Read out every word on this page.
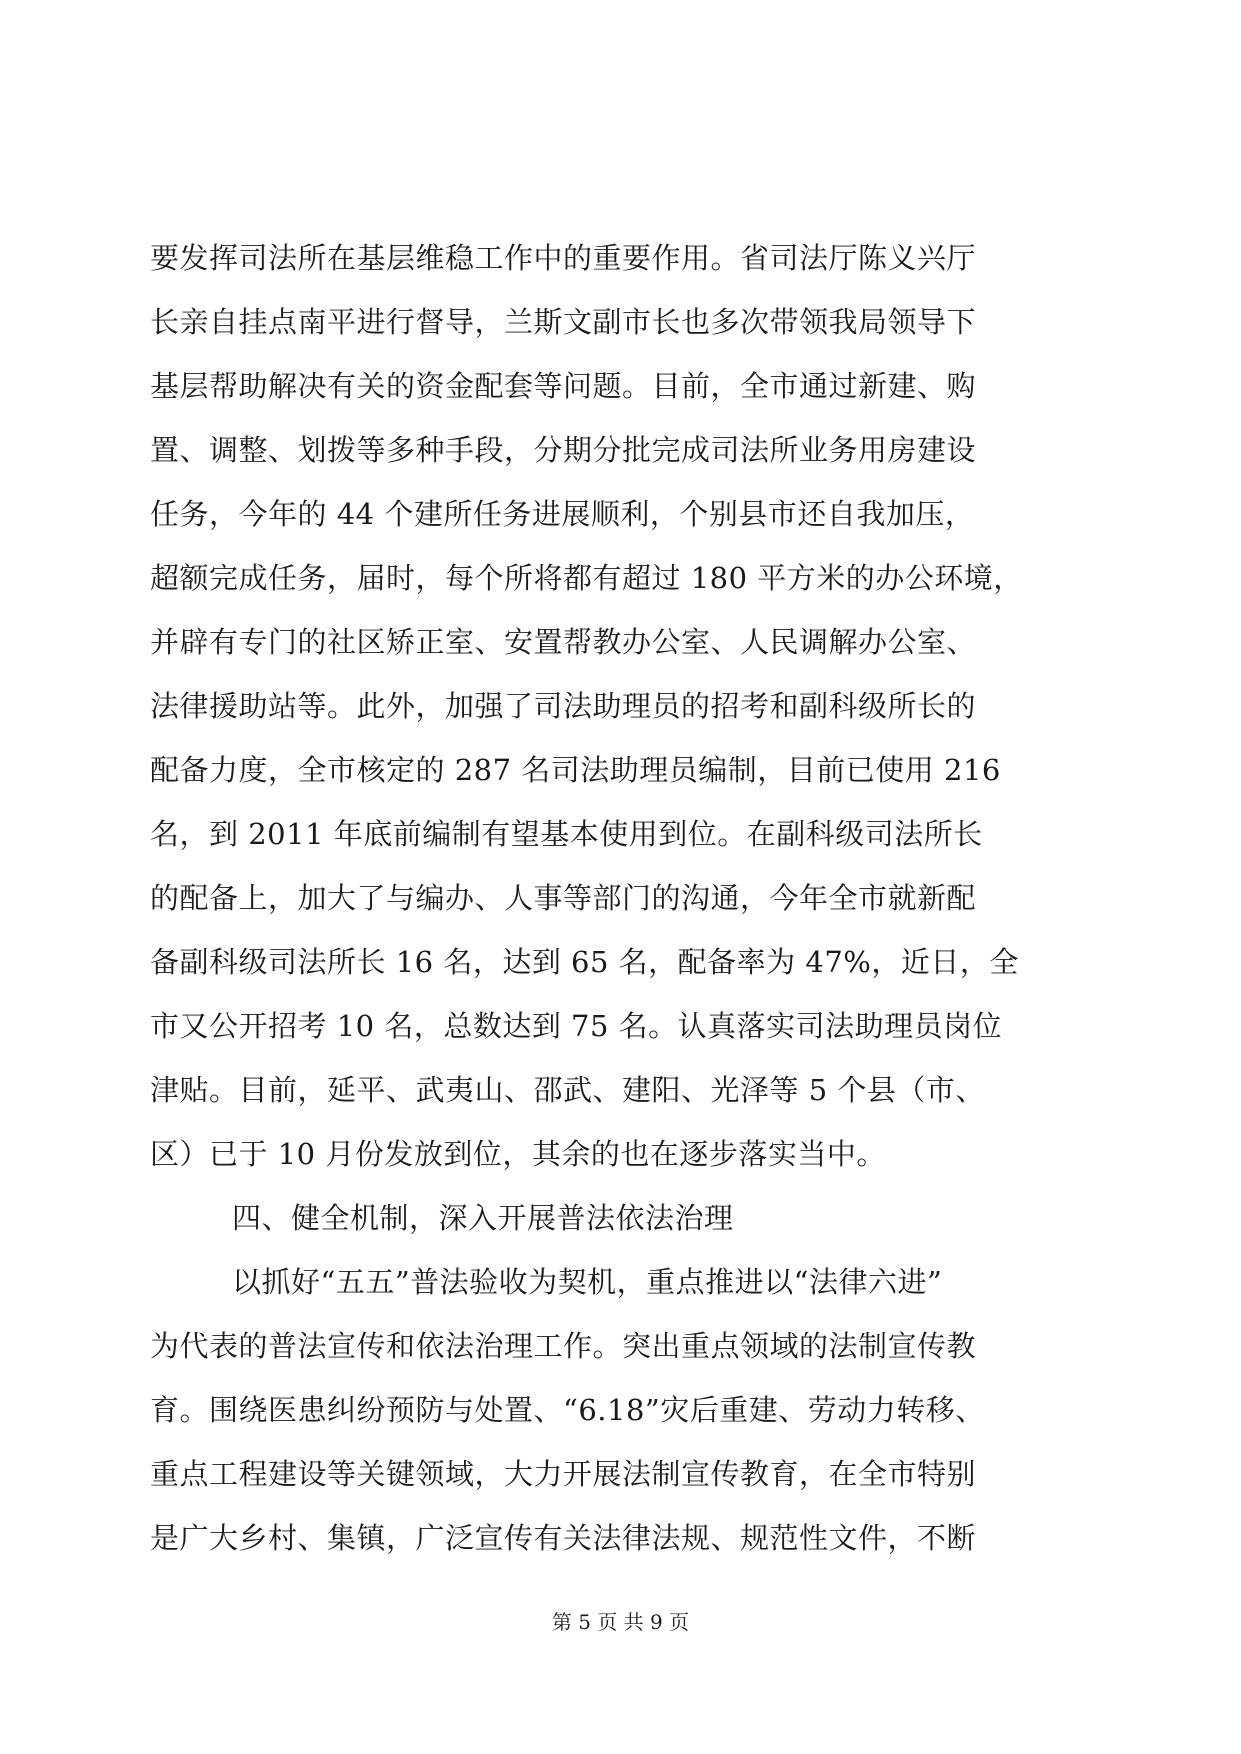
要发挥司法所在基层维稳工作中的重要作用。省司法厅陈义兴厅
长亲自挂点南平进行督导，兰斯文副市长也多次带领我局领导下
基层帮助解决有关的资金配套等问题。目前，全市通过新建、购
置、调整、划拨等多种手段，分期分批完成司法所业务用房建设
任务，今年的 44 个建所任务进展顺利，个别县市还自我加压，
超额完成任务，届时，每个所将都有超过 180 平方米的办公环境，
并辟有专门的社区矫正室、安置帮教办公室、人民调解办公室、
法律援助站等。此外，加强了司法助理员的招考和副科级所长的
配备力度，全市核定的 287 名司法助理员编制，目前已使用 216
名，到 2011 年底前编制有望基本使用到位。在副科级司法所长
的配备上，加大了与编办、人事等部门的沟通，今年全市就新配
备副科级司法所长 16 名，达到 65 名，配备率为 47%，近日，全
市又公开招考 10 名，总数达到 75 名。认真落实司法助理员岗位
津贴。目前，延平、武夷山、邵武、建阳、光泽等 5 个县（市、
区）已于 10 月份发放到位，其余的也在逐步落实当中。
四、健全机制，深入开展普法依法治理
以抓好“五五”普法验收为契机，重点推进以“法律六进”
为代表的普法宣传和依法治理工作。突出重点领域的法制宣传教
育。围绕医患纠纷预防与处置、“6.18”灾后重建、劳动力转移、
重点工程建设等关键领域，大力开展法制宣传教育，在全市特别
是广大乡村、集镇，广泛宣传有关法律法规、规范性文件，不断
第 5 页 共 9 页
